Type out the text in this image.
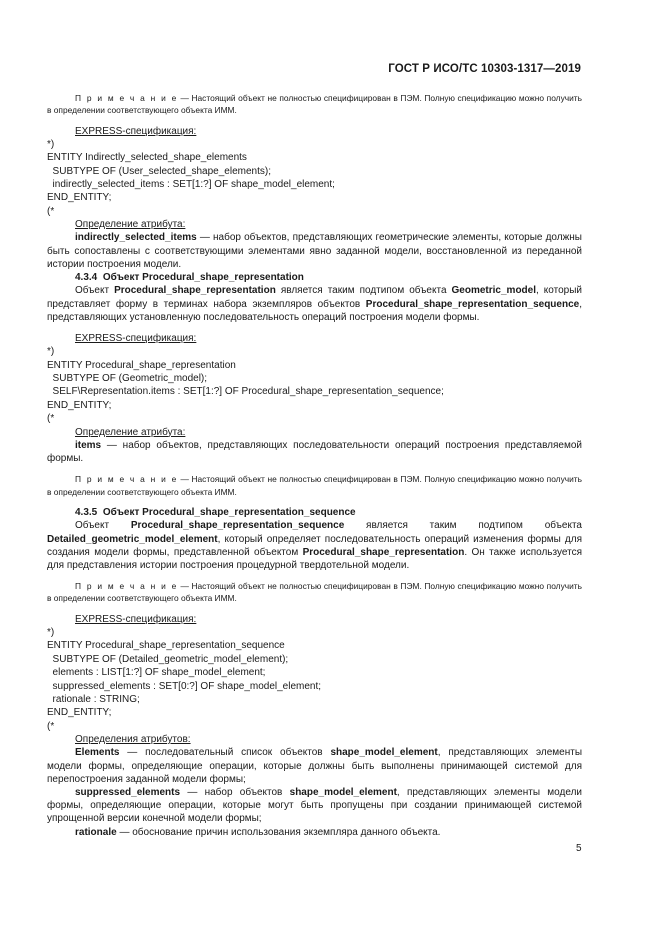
ГОСТ Р ИСО/ТС 10303-1317—2019

П р и м е ч а н и е — Настоящий объект не полностью специфицирован в ПЭМ. Полную спецификацию можно получить в определении соответствующего объекта ИММ.

EXPRESS-спецификация:

*)

ENTITY Indirectly_selected_shape_elements

SUBTYPE OF (User_selected_shape_elements);

indirectly_selected_items : SET[1:?] OF shape_model_element;

END_ENTITY;

(*

Определение атрибута:

indirectly_selected_items — набор объектов, представляющих геометрические элементы, которые должны быть сопоставлены с соответствующими элементами явно заданной модели, восстановленной из переданной истории построения модели.

4.3.4 Объект Procedural_shape_representation

Объект Procedural_shape_representation является таким подтипом объекта Geometric_model, который представляет форму в терминах набора экземпляров объектов Procedural_shape_representation_sequence, представляющих установленную последовательность операций построения модели формы.

EXPRESS-спецификация:

*)

ENTITY Procedural_shape_representation

SUBTYPE OF (Geometric_model);

SELF\Representation.items : SET[1:?] OF Procedural_shape_representation_sequence;

END_ENTITY;

(*

Определение атрибута:

items — набор объектов, представляющих последовательности операций построения представляемой формы.

П р и м е ч а н и е — Настоящий объект не полностью специфицирован в ПЭМ. Полную спецификацию можно получить в определении соответствующего объекта ИММ.

4.3.5 Объект Procedural_shape_representation_sequence

Объект Procedural_shape_representation_sequence является таким подтипом объекта Detailed_geometric_model_element, который определяет последовательность операций изменения формы для создания модели формы, представленной объектом Procedural_shape_representation. Он также используется для представления истории построения процедурной твердотельной модели.

П р и м е ч а н и е — Настоящий объект не полностью специфицирован в ПЭМ. Полную спецификацию можно получить в определении соответствующего объекта ИММ.

EXPRESS-спецификация:

*)

ENTITY Procedural_shape_representation_sequence

SUBTYPE OF (Detailed_geometric_model_element);

elements : LIST[1:?] OF shape_model_element;

suppressed_elements : SET[0:?] OF shape_model_element;

rationale : STRING;

END_ENTITY;

(*

Определения атрибутов:

Elements — последовательный список объектов shape_model_element, представляющих элементы модели формы, определяющие операции, которые должны быть выполнены принимающей системой для перепостроения заданной модели формы;

suppressed_elements — набор объектов shape_model_element, представляющих элементы модели формы, определяющие операции, которые могут быть пропущены при создании принимающей системой упрощенной версии конечной модели формы;

rationale — обоснование причин использования экземпляра данного объекта.

5
